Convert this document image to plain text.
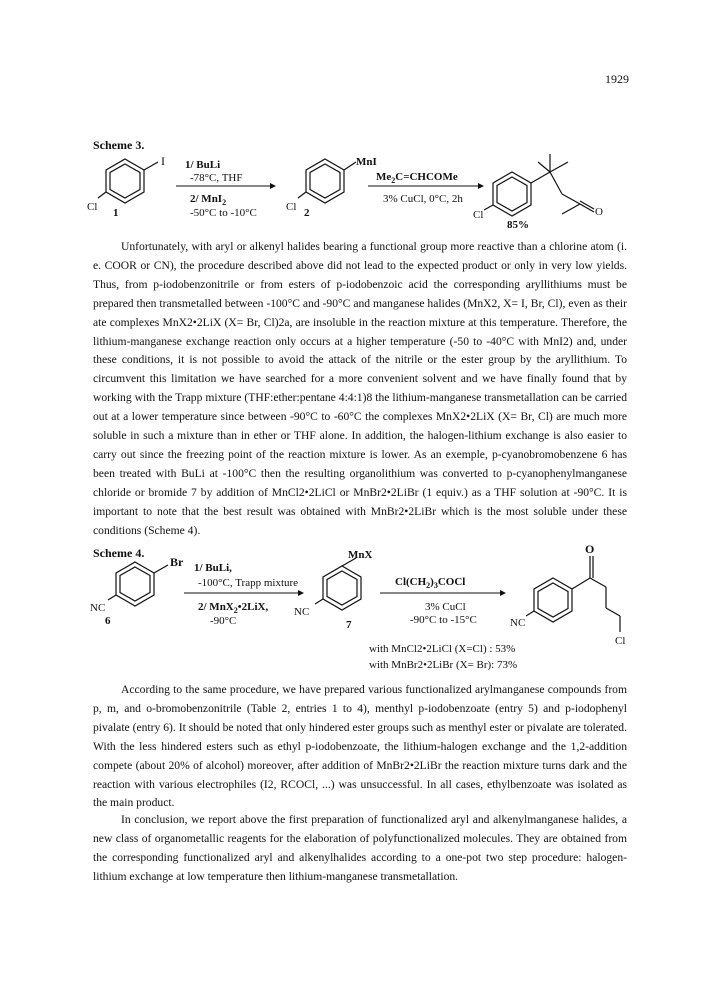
1929
Scheme 3.
I
Cl 1
1/ BuLi
-78°C, THF
2/ MnI$_2$
-50°C to -10°C
MnI
Cl 2
$Me_2C=CHCOMe$
3% CuCl, 0°C, 2h
Cl	O
85%

Unfortunately, with aryl or alkenyl halides bearing a functional group more reactive than a chlorine atom (i. e. COOR or CN), the procedure described above did not lead to the expected product or only in very low yields. Thus, from p-iodobenzonitrile or from esters of p-iodobenzoic acid the corresponding aryllithiums must be prepared then transmetalled between -100°C and -90°C and manganese halides (MnX2, X= I, Br, Cl), even as their ate complexes MnX2•2LiX (X= Br, Cl)2a, are insoluble in the reaction mixture at this temperature. Therefore, the lithium-manganese exchange reaction only occurs at a higher temperature (-50 to -40°C with MnI2) and, under these conditions, it is not possible to avoid the attack of the nitrile or the ester group by the aryllithium. To circumvent this limitation we have searched for a more convenient solvent and we have finally found that by working with the Trapp mixture (THF:ether:pentane 4:4:1)8 the lithium-manganese transmetallation can be carried out at a lower temperature since between -90°C to -60°C the complexes MnX2•2LiX (X= Br, Cl) are much more soluble in such a mixture than in ether or THF alone. In addition, the halogen-lithium exchange is also easier to carry out since the freezing point of the reaction mixture is lower. As an exemple, p-cyanobromobenzene 6 has been treated with BuLi at -100°C then the resulting organolithium was converted to p-cyanophenylmanganese chloride or bromide 7 by addition of MnCl2•2LiCl or MnBr2•2LiBr (1 equiv.) as a THF solution at -90°C. It is important to note that the best result was obtained with MnBr2•2LiBr which is the most soluble under these conditions (Scheme 4).

Scheme 4.
Br
NC
6
1/ BuLi,
-100°C, Trapp mixture
2/ MnX$_2$•2LiX,
-90°C
MnX
NC
7
$Cl(CH_2)_3COCl$
3% CuCl
-90°C to -15°C
O
NC
Cl
with MnCl2•2LiCl (X=Cl) : 53%
with MnBr2•2LiBr (X= Br): 73%

According to the same procedure, we have prepared various functionalized arylmanganese compounds from p, m, and o-bromobenzonitrile (Table 2, entries 1 to 4), menthyl p-iodobenzoate (entry 5) and p-iodophenyl pivalate (entry 6). It should be noted that only hindered ester groups such as menthyl ester or pivalate are tolerated. With the less hindered esters such as ethyl p-iodobenzoate, the lithium-halogen exchange and the 1,2-addition compete (about 20% of alcohol) moreover, after addition of MnBr2•2LiBr the reaction mixture turns dark and the reaction with various electrophiles (I2, RCOCl, ...) was unsuccessful. In all cases, ethylbenzoate was isolated as the main product.

In conclusion, we report above the first preparation of functionalized aryl and alkenylmanganese halides, a new class of organometallic reagents for the elaboration of polyfunctionalized molecules. They are obtained from the corresponding functionalized aryl and alkenylhalides according to a one-pot two step procedure: halogen-lithium exchange at low temperature then lithium-manganese transmetallation.
